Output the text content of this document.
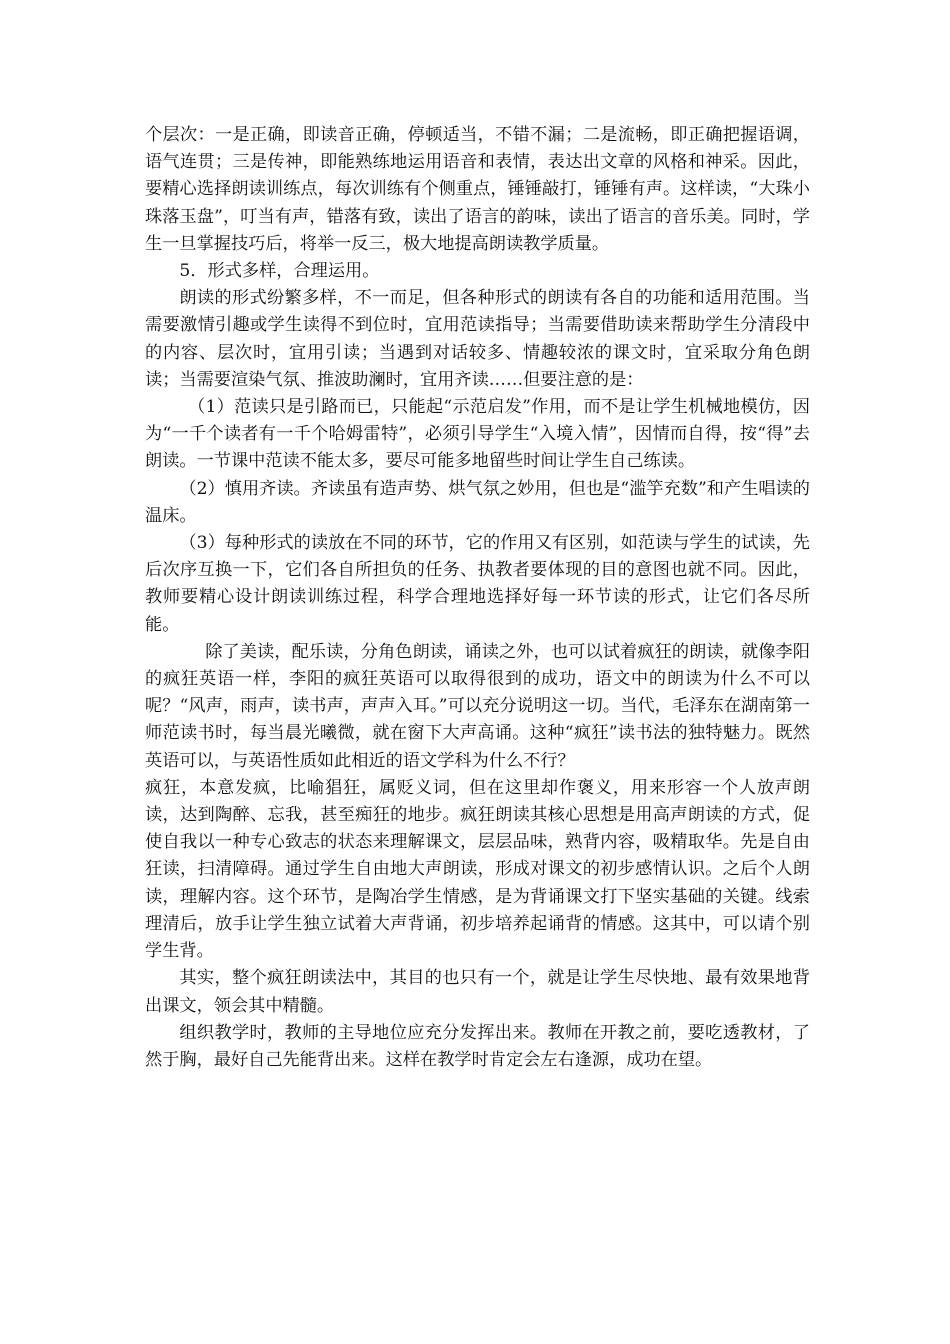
个层次：一是正确，即读音正确，停顿适当，不错不漏；二是流畅，即正确把握语调，语气连贯；三是传神，即能熟练地运用语音和表情，表达出文章的风格和神采。因此，要精心选择朗读训练点，每次训练有个侧重点，锤锤敲打，锤锤有声。这样读，“大珠小珠落玉盘”，叮当有声，错落有致，读出了语言的韵味，读出了语言的音乐美。同时，学生一旦掌握技巧后，将举一反三，极大地提高朗读教学质量。

5．形式多样，合理运用。

朗读的形式纷繁多样，不一而足，但各种形式的朗读有各自的功能和适用范围。当需要激情引趣或学生读得不到位时，宜用范读指导；当需要借助读来帮助学生分清段中的内容、层次时，宜用引读；当遇到对话较多、情趣较浓的课文时，宜采取分角色朗读；当需要渲染气氛、推波助澜时，宜用齐读……但要注意的是：

（1）范读只是引路而已，只能起“示范启发”作用，而不是让学生机械地模仿，因为“一千个读者有一千个哈姆雷特”，必须引导学生“入境入情”，因情而自得，按“得”去朗读。一节课中范读不能太多，要尽可能多地留些时间让学生自己练读。

（2）慎用齐读。齐读虽有造声势、烘气氛之妙用，但也是“滥竽充数”和产生唱读的温床。

（3）每种形式的读放在不同的环节，它的作用又有区别，如范读与学生的试读，先后次序互换一下，它们各自所担负的任务、执教者要体现的目的意图也就不同。因此，教师要精心设计朗读训练过程，科学合理地选择好每一环节读的形式，让它们各尽所能。

除了美读，配乐读，分角色朗读，诵读之外，也可以试着疯狂的朗读，就像李阳的疯狂英语一样，李阳的疯狂英语可以取得很到的成功，语文中的朗读为什么不可以呢？“风声，雨声，读书声，声声入耳。”可以充分说明这一切。当代，毛泽东在湖南第一师范读书时，每当晨光曦微，就在窗下大声高诵。这种“疯狂”读书法的独特魅力。既然英语可以，与英语性质如此相近的语文学科为什么不行？

疯狂，本意发疯，比喻猖狂，属贬义词，但在这里却作褒义，用来形容一个人放声朗读，达到陶醉、忘我，甚至痴狂的地步。疯狂朗读其核心思想是用高声朗读的方式，促使自我以一种专心致志的状态来理解课文，层层品味，熟背内容，吸精取华。先是自由狂读，扫清障碍。通过学生自由地大声朗读，形成对课文的初步感情认识。之后个人朗读，理解内容。这个环节，是陶冶学生情感，是为背诵课文打下坚实基础的关键。线索理清后，放手让学生独立试着大声背诵，初步培养起诵背的情感。这其中，可以请个别学生背。

其实，整个疯狂朗读法中，其目的也只有一个，就是让学生尽快地、最有效果地背出课文，领会其中精髓。

组织教学时，教师的主导地位应充分发挥出来。教师在开教之前，要吃透教材，了然于胸，最好自己先能背出来。这样在教学时肯定会左右逢源，成功在望。
